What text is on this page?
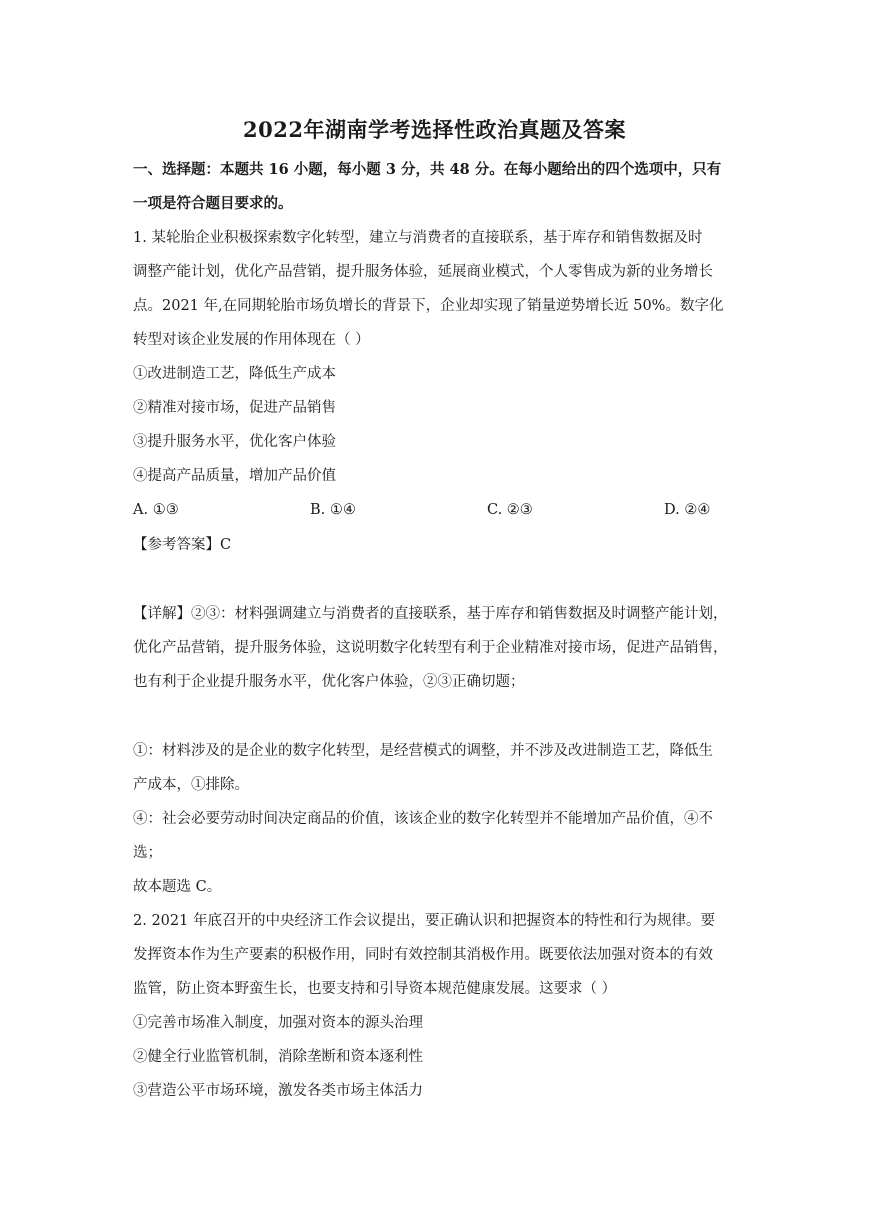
2022年湖南学考选择性政治真题及答案
一、选择题：本题共 16 小题，每小题 3 分，共 48 分。在每小题给出的四个选项中，只有
一项是符合题目要求的。
1. 某轮胎企业积极探索数字化转型，建立与消费者的直接联系，基于库存和销售数据及时
调整产能计划，优化产品营销，提升服务体验，延展商业模式，个人零售成为新的业务增长
点。2021 年,在同期轮胎市场负增长的背景下，企业却实现了销量逆势增长近 50%。数字化
转型对该企业发展的作用体现在（ ）
①改进制造工艺，降低生产成本
②精准对接市场，促进产品销售
③提升服务水平，优化客户体验
④提高产品质量，增加产品价值
A. ①③	B. ①④	C. ②③	D. ②④
【参考答案】C
【详解】②③：材料强调建立与消费者的直接联系，基于库存和销售数据及时调整产能计划，
优化产品营销，提升服务体验，这说明数字化转型有利于企业精准对接市场，促进产品销售，
也有利于企业提升服务水平，优化客户体验，②③正确切题；
①：材料涉及的是企业的数字化转型，是经营模式的调整，并不涉及改进制造工艺，降低生
产成本，①排除。
④：社会必要劳动时间决定商品的价值，该该企业的数字化转型并不能增加产品价值，④不
选；
故本题选 C。
2. 2021 年底召开的中央经济工作会议提出，要正确认识和把握资本的特性和行为规律。要
发挥资本作为生产要素的积极作用，同时有效控制其消极作用。既要依法加强对资本的有效
监管，防止资本野蛮生长，也要支持和引导资本规范健康发展。这要求（ ）
①完善市场准入制度，加强对资本的源头治理
②健全行业监管机制，消除垄断和资本逐利性
③营造公平市场环境，激发各类市场主体活力
